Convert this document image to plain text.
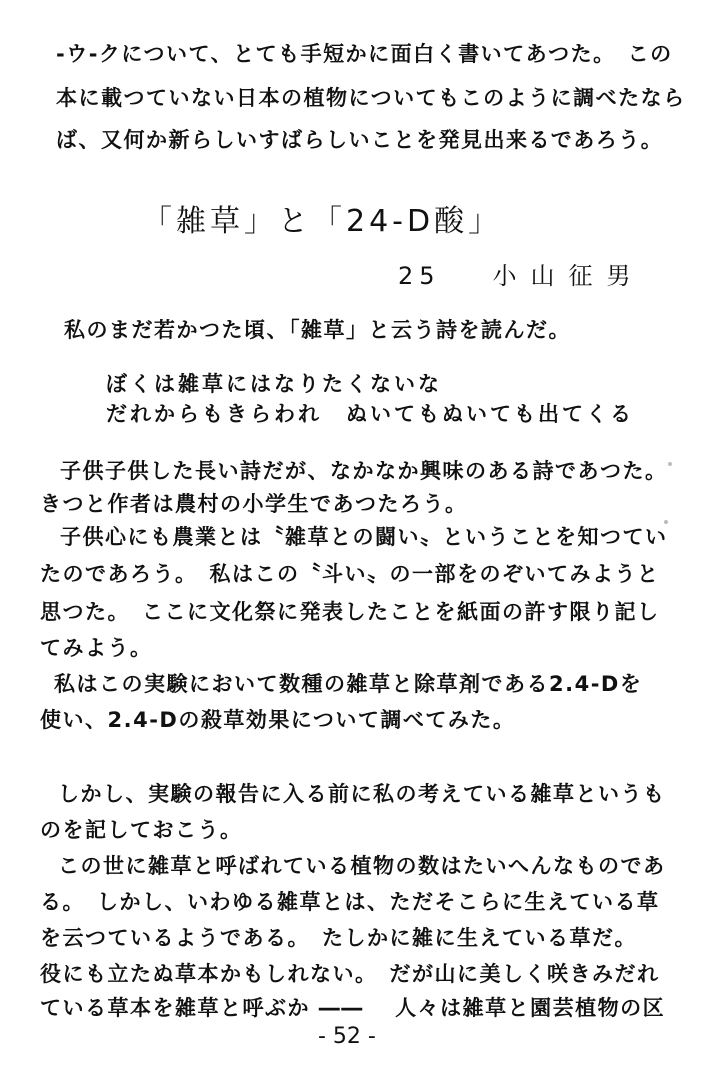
-ウ-クについて、とても手短かに面白く書いてあつた。　この
本に載つていない日本の植物についてもこのように調べたなら
ば、又何か新らしいすばらしいことを発見出来るであろう。
「雑草」と「24-D酸」
25 小山征男
私のまだ若かつた頃、「雑草」と云う詩を読んだ。
ぼくは雑草にはなりたくないな
だれからもきらわれ　ぬいてもぬいても出てくる
子供子供した長い詩だが、なかなか興味のある詩であつた。
きつと作者は農村の小学生であつたろう。
子供心にも農業とは〝雑草との闘い〟ということを知つてい
たのであろう。　私はこの〝斗い〟の一部をのぞいてみようと
思つた。　ここに文化祭に発表したことを紙面の許す限り記し
てみよう。
私はこの実験において数種の雑草と除草剤である2.4-Dを
使い、2.4-Dの殺草効果について調べてみた。
しかし、実験の報告に入る前に私の考えている雑草というも
のを記しておこう。
この世に雑草と呼ばれている植物の数はたいへんなものであ
る。　しかし、いわゆる雑草とは、ただそこらに生えている草
を云つているようである。　たしかに雑に生えている草だ。
役にも立たぬ草本かもしれない。　だが山に美しく咲きみだれ
ている草本を雑草と呼ぶか ―― 　人々は雑草と園芸植物の区
- 52 -
